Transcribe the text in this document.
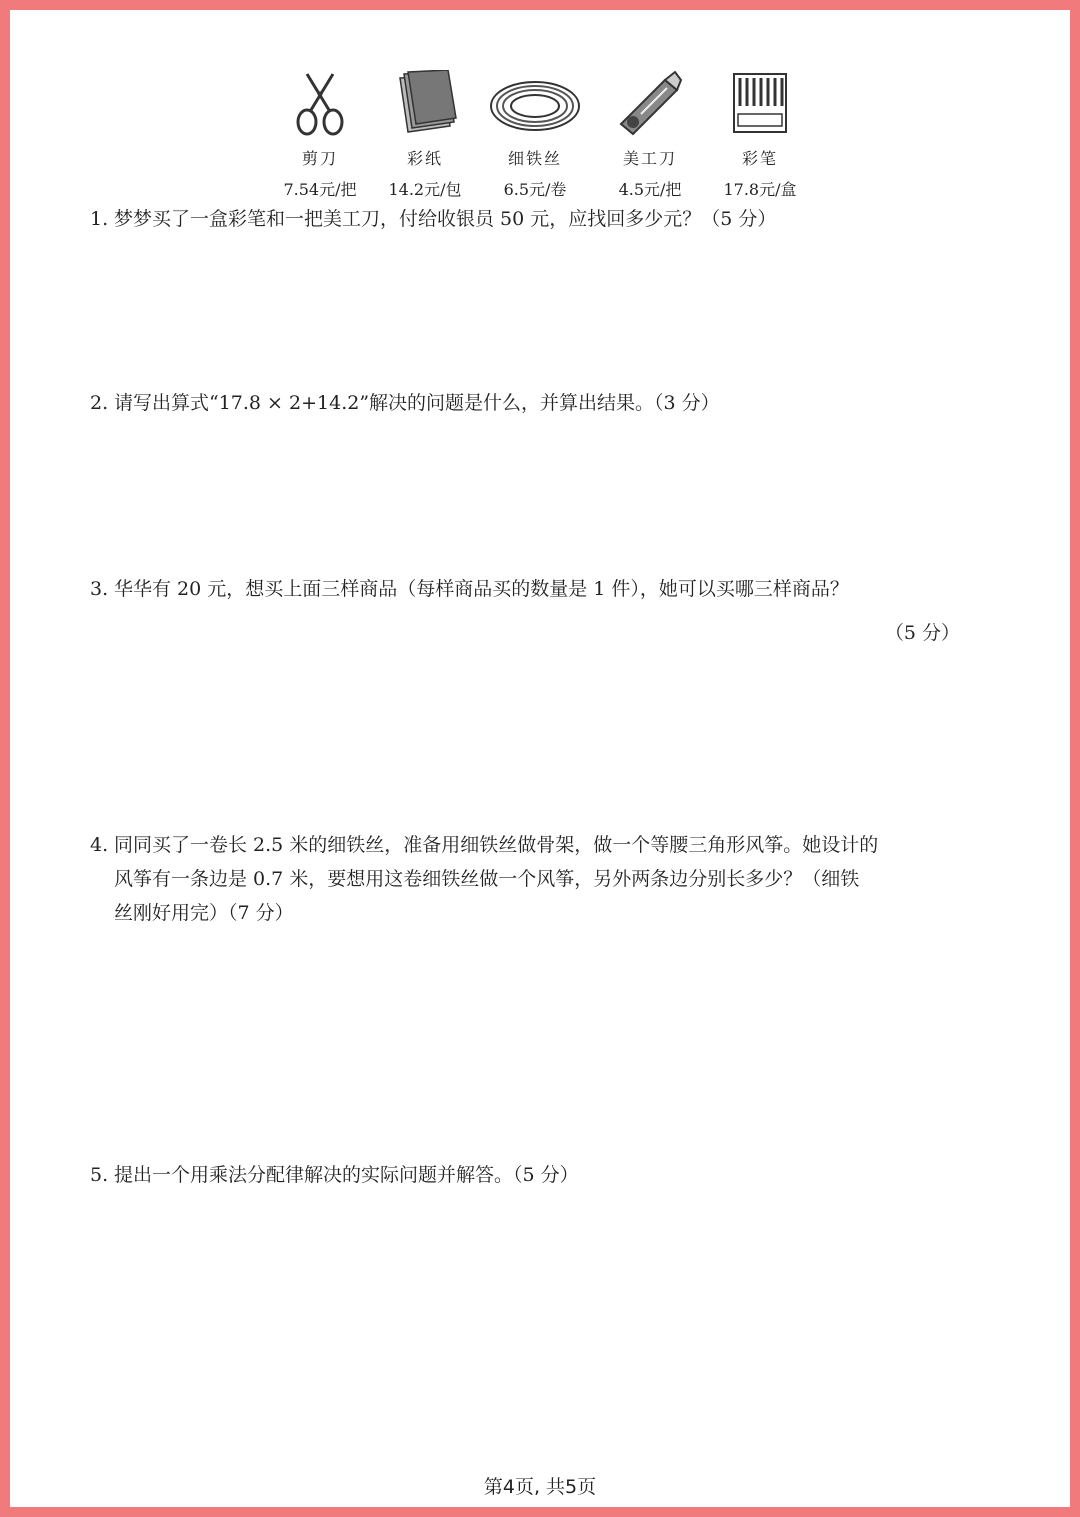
剪刀
7.54元/把
彩纸
14.2元/包
细铁丝
6.5元/卷
美工刀
4.5元/把
彩笔
17.8元/盒
1. 梦梦买了一盒彩笔和一把美工刀，付给收银员 50 元，应找回多少元？（5 分）
2. 请写出算式“17.8 × 2+14.2”解决的问题是什么，并算出结果。（3 分）
3. 华华有 20 元，想买上面三样商品（每样商品买的数量是 1 件），她可以买哪三样商品？
（5 分）
4. 同同买了一卷长 2.5 米的细铁丝，准备用细铁丝做骨架，做一个等腰三角形风筝。她设计的
风筝有一条边是 0.7 米，要想用这卷细铁丝做一个风筝，另外两条边分别长多少？（细铁
丝刚好用完）（7 分）
5. 提出一个用乘法分配律解决的实际问题并解答。（5 分）
第4页, 共5页
